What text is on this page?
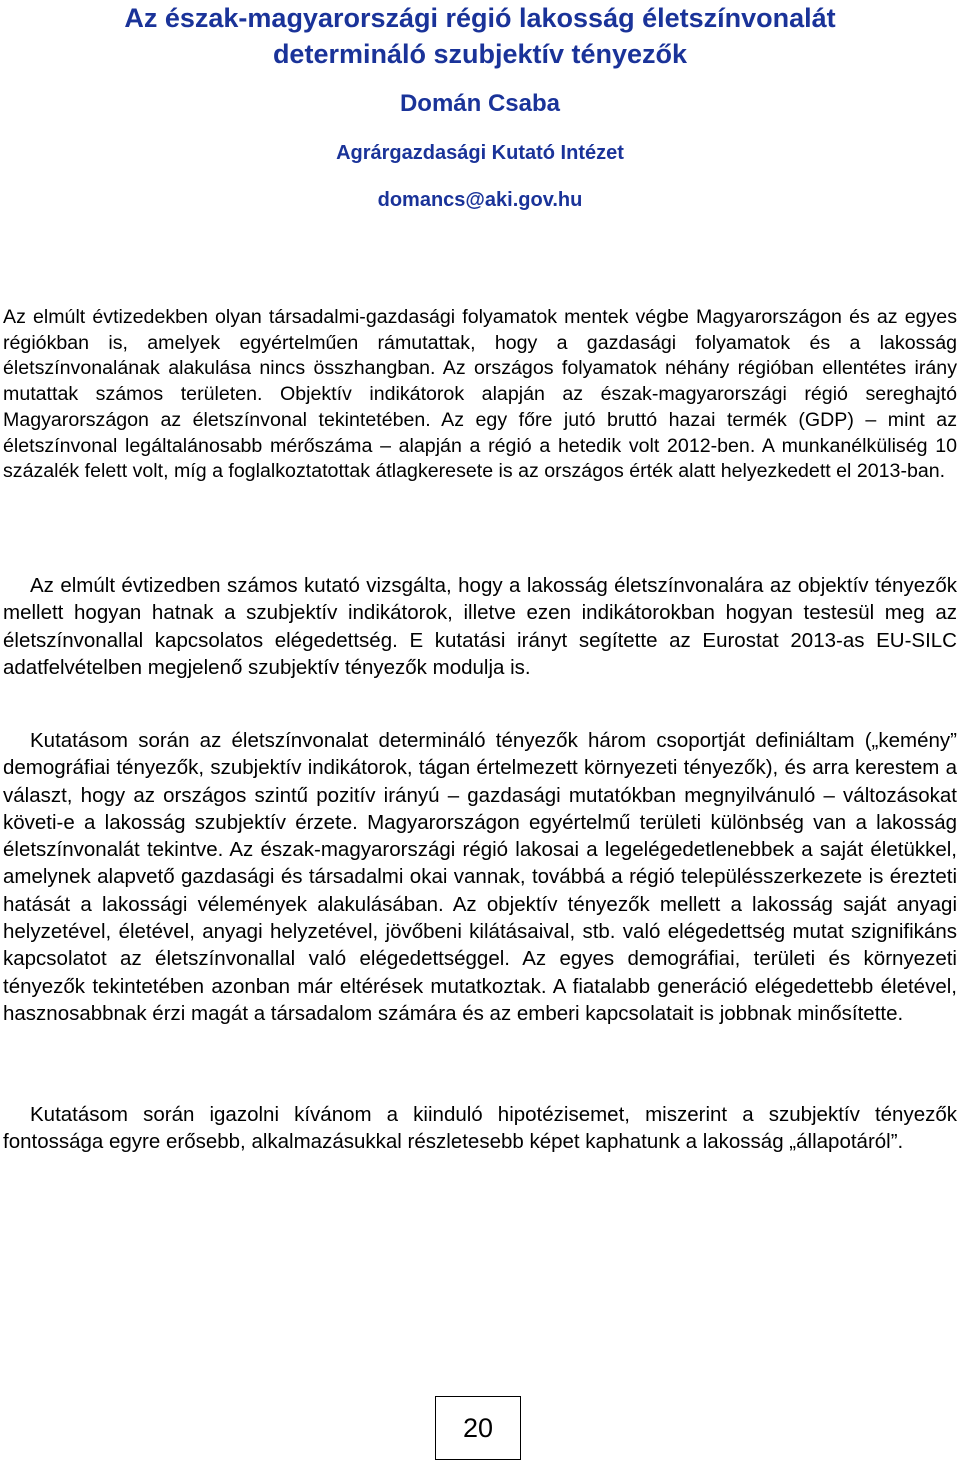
Az észak-magyarországi régió lakosság életszínvonalát
determináló szubjektív tényezők
Domán Csaba
Agrárgazdasági Kutató Intézet
domancs@aki.gov.hu

Az elmúlt évtizedekben olyan társadalmi-gazdasági folyamatok mentek végbe Magyarországon és az egyes régiókban is, amelyek egyértelműen rámutattak, hogy a gazdasági folyamatok és a lakosság életszínvonalának alakulása nincs összhangban. Az országos folyamatok néhány régióban ellentétes irány mutattak számos területen. Objektív indikátorok alapján az észak-magyarországi régió sereghajtó Magyarországon az életszínvonal tekintetében. Az egy főre jutó bruttó hazai termék (GDP) – mint az életszínvonal legáltalánosabb mérőszáma – alapján a régió a hetedik volt 2012-ben. A munkanélküliség 10 százalék felett volt, míg a foglalkoztatottak átlagkeresete is az országos érték alatt helyezkedett el 2013-ban.

Az elmúlt évtizedben számos kutató vizsgálta, hogy a lakosság életszínvonalára az objektív tényezők mellett hogyan hatnak a szubjektív indikátorok, illetve ezen indikátorokban hogyan testesül meg az életszínvonallal kapcsolatos elégedettség. E kutatási irányt segítette az Eurostat 2013-as EU-SILC adatfelvételben megjelenő szubjektív tényezők modulja is.

Kutatásom során az életszínvonalat determináló tényezők három csoportját definiáltam („kemény” demográfiai tényezők, szubjektív indikátorok, tágan értelmezett környezeti tényezők), és arra kerestem a választ, hogy az országos szintű pozitív irányú – gazdasági mutatókban megnyilvánuló – változásokat követi-e a lakosság szubjektív érzete. Magyarországon egyértelmű területi különbség van a lakosság életszínvonalát tekintve. Az észak-magyarországi régió lakosai a legelégedetlenebbek a saját életükkel, amelynek alapvető gazdasági és társadalmi okai vannak, továbbá a régió településszerkezete is érezteti hatását a lakossági vélemények alakulásában. Az objektív tényezők mellett a lakosság saját anyagi helyzetével, életével, anyagi helyzetével, jövőbeni kilátásaival, stb. való elégedettség mutat szignifikáns kapcsolatot az életszínvonallal való elégedettséggel. Az egyes demográfiai, területi és környezeti tényezők tekintetében azonban már eltérések mutatkoztak. A fiatalabb generáció elégedettebb életével, hasznosabbnak érzi magát a társadalom számára és az emberi kapcsolatait is jobbnak minősítette.

Kutatásom során igazolni kívánom a kiinduló hipotézisemet, miszerint a szubjektív tényezők fontossága egyre erősebb, alkalmazásukkal részletesebb képet kaphatunk a lakosság „állapotáról”.

20
